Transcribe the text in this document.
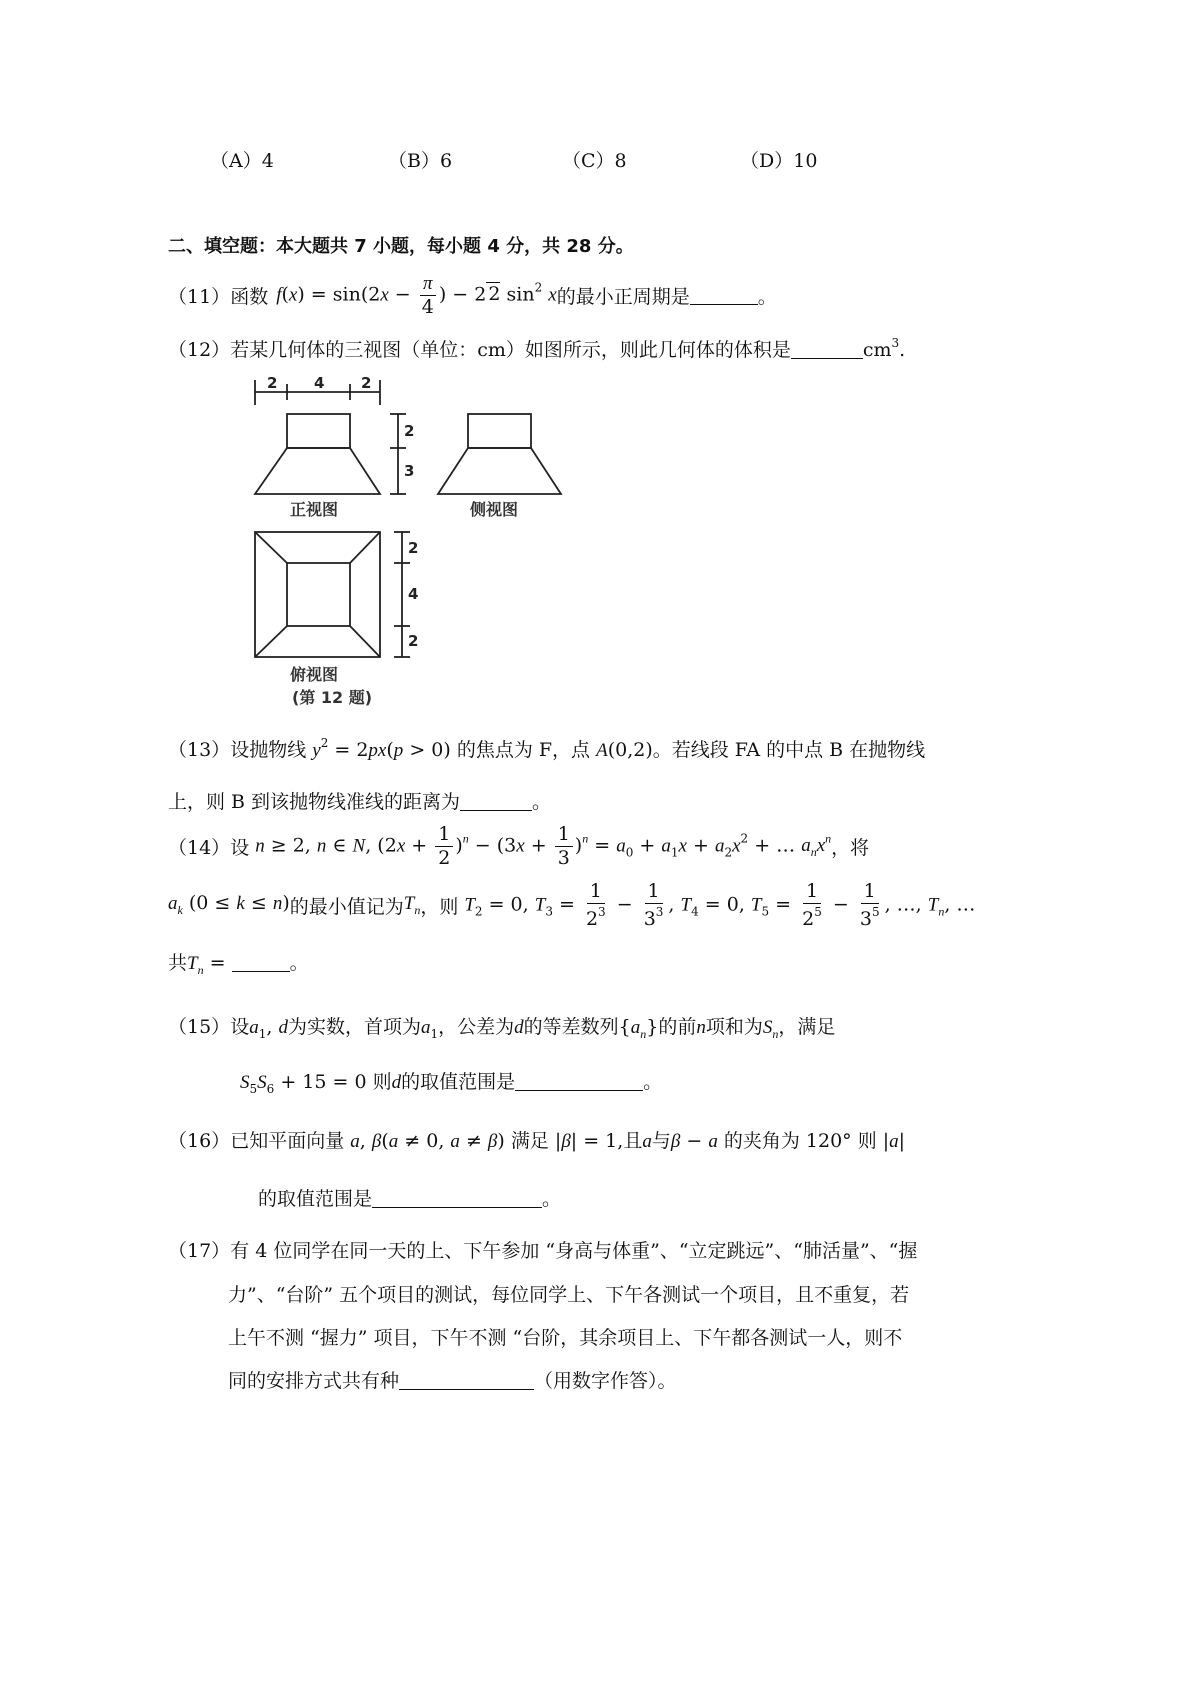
（A）4	（B）6	（C）8	（D）10
二、填空题：本大题共 7 小题，每小题 4 分，共 28 分。
（11） 函数 $f(x) = \sin(2x - \frac{\pi}{4}$ ) − 2 2 $\sin^2 x$ 的最小正周期是	。
（12）若某几何体的三视图（单位：cm）如图所示，则此几何体的体积是	$cm^3$.
2 4 2
2
3
2
4
2
正视图	侧视图
俯视图
(第 12 题)
（13）设抛物线 $y^2 = 2px(p > 0)$ 的焦点为 F，点 A(0,2)。若线段 FA 的中点 B 在抛物线
上，则 B 到该抛物线准线的距离为	。
（14） 设 n ≥ 2, n ∈ N, $(2x + \frac{1}{2} )^n - (3x + \frac{1}{3} )^n = a_0 + a_1x + a_2x^2$ + … $a_nx^n$ ，将
$a_k$ (0 ≤ k ≤ n) 的最小值记为 $T_n$ ，则 $T_2 = 0$, $T_3 = \frac{1}{2^3} - \frac{1}{3^3}$ , $T_4 = 0$, $T_5 = \frac{1}{2^5} - \frac{1}{3^5}$ , …, $T_n$, …
共$T_n$ =	。
（15）设$a_1$, d为实数，首项为$a_1$，公差为d的等差数列$\{a_n\}$的前n项和为$S_n$，满足
$S_5S_6 + 15 = 0$ 则d的取值范围是	。
（16）已知平面向量 a, β(a ≠ 0, a ≠ β) 满足 |β| = 1,且a与β − a 的夹角为 120° 则 |a|
的取值范围是	。
（17）有 4 位同学在同一天的上、下午参加 “身高与体重”、“立定跳远”、“肺活量”、“握
力”、“台阶” 五个项目的测试，每位同学上、下午各测试一个项目，且不重复，若
上午不测 “握力” 项目，下午不测 “台阶，其余项目上、下午都各测试一人，则不
同的安排方式共有种	（用数字作答）。
